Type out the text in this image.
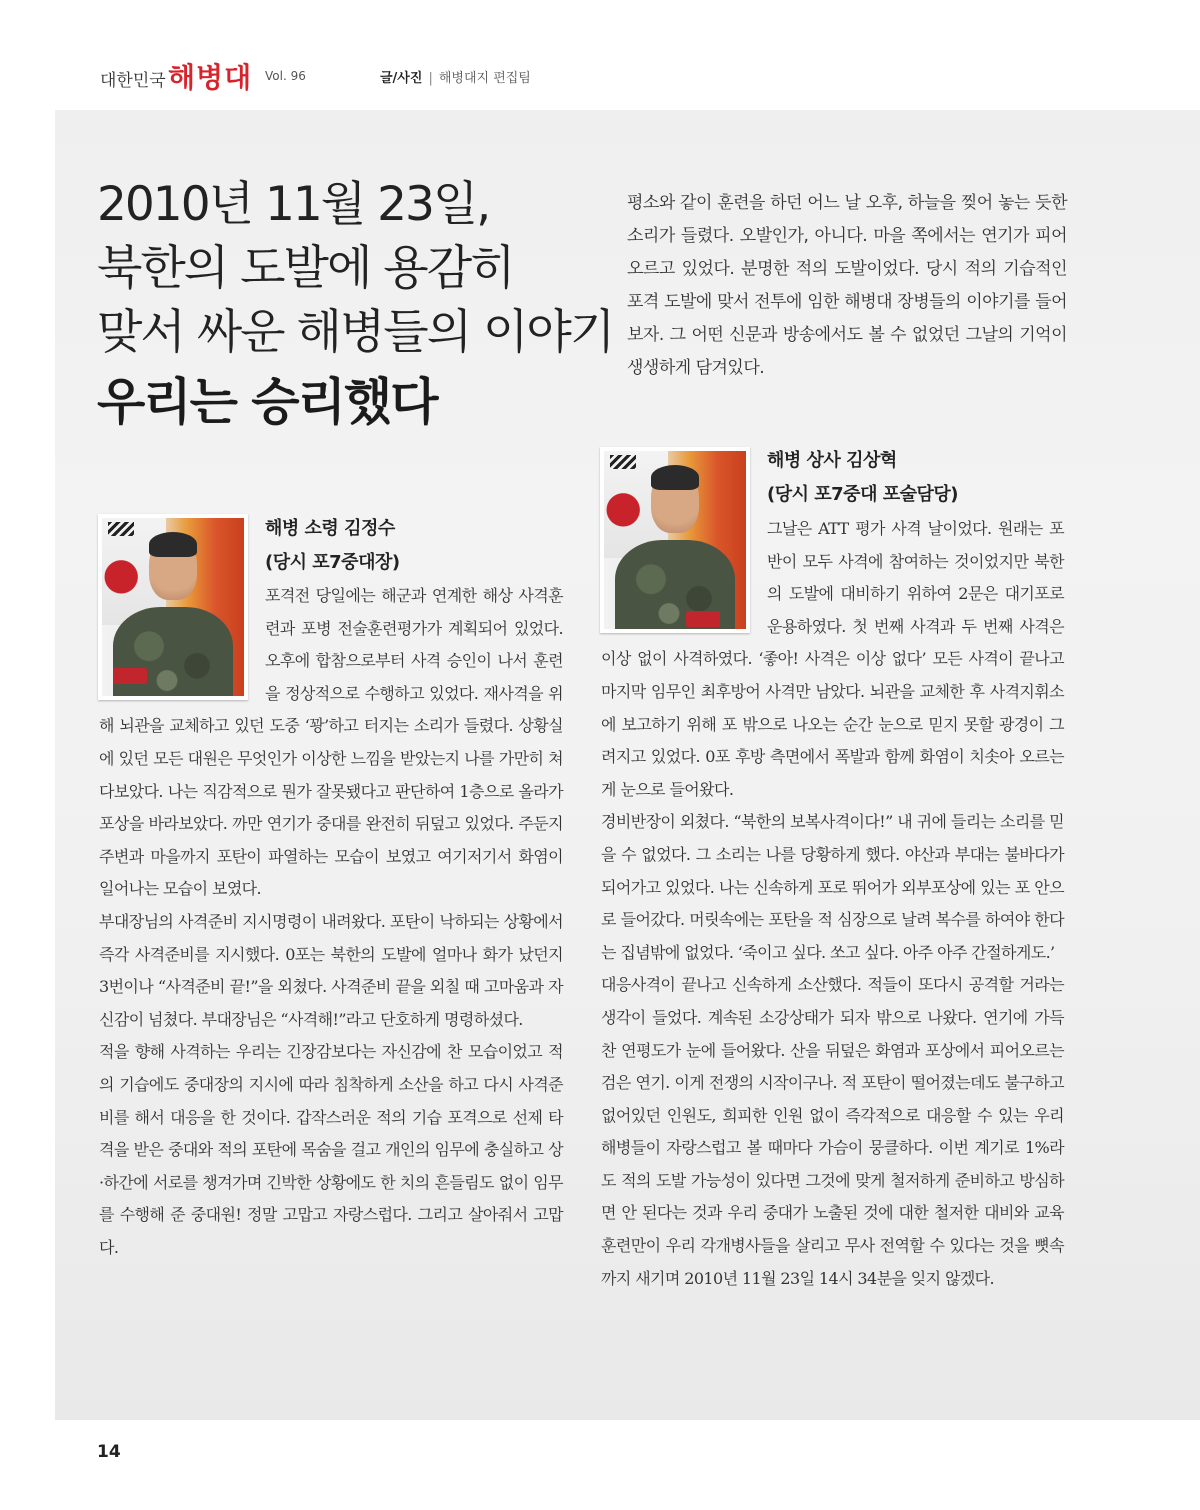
대한민국 해병대 Vol. 96	글/사진 | 해병대지 편집팀
2010년 11월 23일,
북한의 도발에 용감히
맞서 싸운 해병들의 이야기
우리는 승리했다

평소와 같이 훈련을 하던 어느 날 오후, 하늘을 찢어 놓는 듯한 소리가 들렸다. 오발인가, 아니다. 마을 쪽에서는 연기가 피어오르고 있었다. 분명한 적의 도발이었다. 당시 적의 기습적인 포격 도발에 맞서 전투에 임한 해병대 장병들의 이야기를 들어보자. 그 어떤 신문과 방송에서도 볼 수 없었던 그날의 기억이 생생하게 담겨있다.

해병 소령 김정수
(당시 포7중대장)
해병 상사 김상혁
(당시 포7중대 포술담당)
포격전 당일에는 해군과 연계한 해상 사격훈련과 포병 전술훈련평가가 계획되어 있었다. 오후에 합참으로부터 사격 승인이 나서 훈련을 정상적으로 수행하고 있었다. 재사격을 위해 뇌관을 교체하고 있던 도중 ‘꽝’하고 터지는 소리가 들렸다. 상황실에 있던 모든 대원은 무엇인가 이상한 느낌을 받았는지 나를 가만히 쳐다보았다. 나는 직감적으로 뭔가 잘못됐다고 판단하여 1층으로 올라가 포상을 바라보았다. 까만 연기가 중대를 완전히 뒤덮고 있었다. 주둔지 주변과 마을까지 포탄이 파열하는 모습이 보였고 여기저기서 화염이 일어나는 모습이 보였다.
부대장님의 사격준비 지시명령이 내려왔다. 포탄이 낙하되는 상황에서 즉각 사격준비를 지시했다. 0포는 북한의 도발에 얼마나 화가 났던지 3번이나 “사격준비 끝!”을 외쳤다. 사격준비 끝을 외칠 때 고마움과 자신감이 넘쳤다. 부대장님은 “사격해!”라고 단호하게 명령하셨다.
적을 향해 사격하는 우리는 긴장감보다는 자신감에 찬 모습이었고 적의 기습에도 중대장의 지시에 따라 침착하게 소산을 하고 다시 사격준비를 해서 대응을 한 것이다. 갑작스러운 적의 기습 포격으로 선제 타격을 받은 중대와 적의 포탄에 목숨을 걸고 개인의 임무에 충실하고 상·하간에 서로를 챙겨가며 긴박한 상황에도 한 치의 흔들림도 없이 임무를 수행해 준 중대원! 정말 고맙고 자랑스럽다. 그리고 살아줘서 고맙다.
그날은 ATT 평가 사격 날이었다. 원래는 포반이 모두 사격에 참여하는 것이었지만 북한의 도발에 대비하기 위하여 2문은 대기포로 운용하였다. 첫 번째 사격과 두 번째 사격은 이상 없이 사격하였다. ‘좋아! 사격은 이상 없다’ 모든 사격이 끝나고 마지막 임무인 최후방어 사격만 남았다. 뇌관을 교체한 후 사격지휘소에 보고하기 위해 포 밖으로 나오는 순간 눈으로 믿지 못할 광경이 그려지고 있었다. 0포 후방 측면에서 폭발과 함께 화염이 치솟아 오르는 게 눈으로 들어왔다.
경비반장이 외쳤다. “북한의 보복사격이다!” 내 귀에 들리는 소리를 믿을 수 없었다. 그 소리는 나를 당황하게 했다. 야산과 부대는 불바다가 되어가고 있었다. 나는 신속하게 포로 뛰어가 외부포상에 있는 포 안으로 들어갔다. 머릿속에는 포탄을 적 심장으로 날려 복수를 하여야 한다는 집념밖에 없었다. ‘죽이고 싶다. 쏘고 싶다. 아주 아주 간절하게도.’
대응사격이 끝나고 신속하게 소산했다. 적들이 또다시 공격할 거라는 생각이 들었다. 계속된 소강상태가 되자 밖으로 나왔다. 연기에 가득 찬 연평도가 눈에 들어왔다. 산을 뒤덮은 화염과 포상에서 피어오르는 검은 연기. 이게 전쟁의 시작이구나. 적 포탄이 떨어졌는데도 불구하고 없어있던 인원도, 희피한 인원 없이 즉각적으로 대응할 수 있는 우리 해병들이 자랑스럽고 볼 때마다 가슴이 뭉클하다. 이번 계기로 1%라도 적의 도발 가능성이 있다면 그것에 맞게 철저하게 준비하고 방심하면 안 된다는 것과 우리 중대가 노출된 것에 대한 철저한 대비와 교육훈련만이 우리 각개병사들을 살리고 무사 전역할 수 있다는 것을 뼛속까지 새기며 2010년 11월 23일 14시 34분을 잊지 않겠다.
14
